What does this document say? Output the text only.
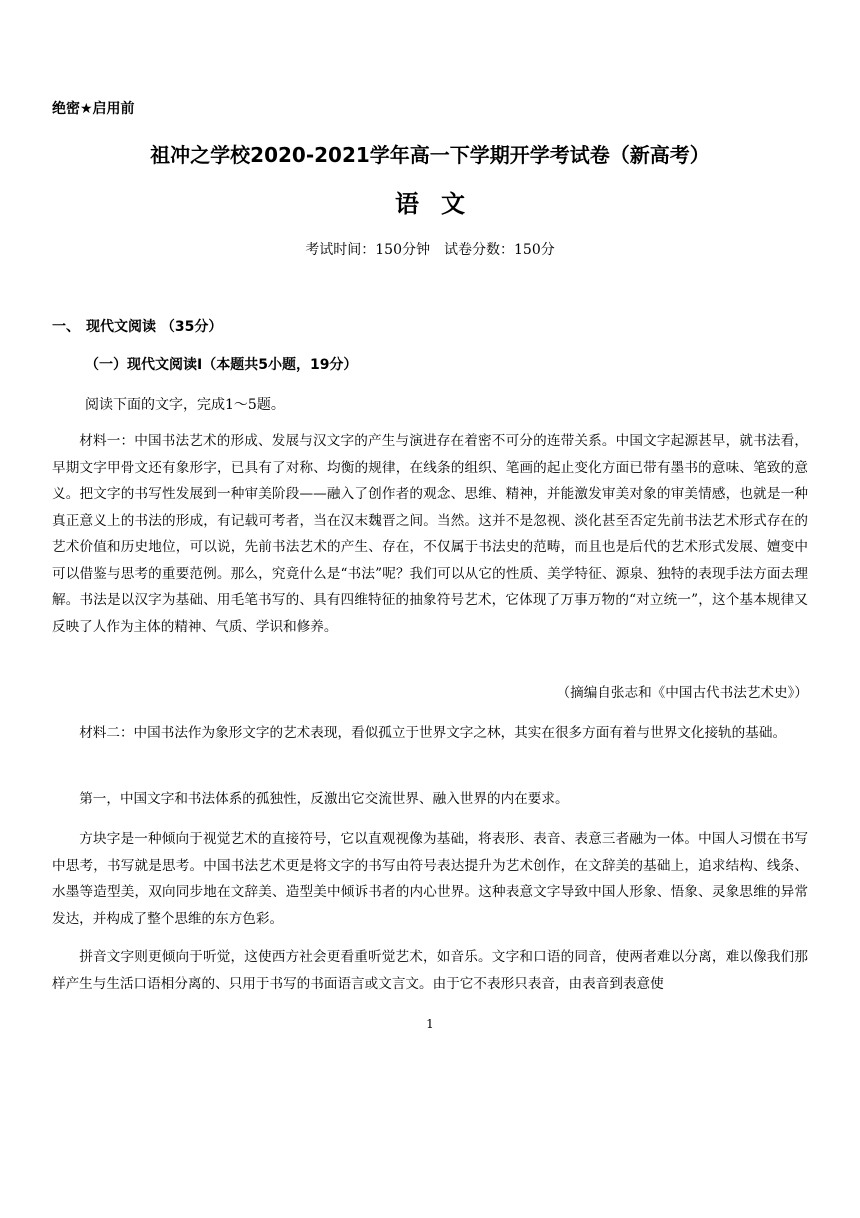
绝密★启用前
祖冲之学校2020-2021学年高一下学期开学考试卷（新高考）
语文
考试时间：150分钟 试卷分数：150分
一、 现代文阅读 （35分）
（一）现代文阅读Ⅰ（本题共5小题，19分）
阅读下面的文字，完成1～5题。
材料一：中国书法艺术的形成、发展与汉文字的产生与演进存在着密不可分的连带关系。中国文字起源甚早，就书法看，早期文字甲骨文还有象形字，已具有了对称、均衡的规律，在线条的组织、笔画的起止变化方面已带有墨书的意味、笔致的意义。把文字的书写性发展到一种审美阶段——融入了创作者的观念、思维、精神，并能激发审美对象的审美情感，也就是一种真正意义上的书法的形成，有记载可考者，当在汉末魏晋之间。当然。这并不是忽视、淡化甚至否定先前书法艺术形式存在的艺术价值和历史地位，可以说，先前书法艺术的产生、存在，不仅属于书法史的范畴，而且也是后代的艺术形式发展、嬗变中可以借鉴与思考的重要范例。那么，究竟什么是“书法”呢？我们可以从它的性质、美学特征、源泉、独特的表现手法方面去理解。书法是以汉字为基础、用毛笔书写的、具有四维特征的抽象符号艺术，它体现了万事万物的“对立统一”，这个基本规律又反映了人作为主体的精神、气质、学识和修养。
（摘编自张志和《中国古代书法艺术史》）
材料二：中国书法作为象形文字的艺术表现，看似孤立于世界文字之林，其实在很多方面有着与世界文化接轨的基础。
第一，中国文字和书法体系的孤独性，反激出它交流世界、融入世界的内在要求。
方块字是一种倾向于视觉艺术的直接符号，它以直观视像为基础，将表形、表音、表意三者融为一体。中国人习惯在书写中思考，书写就是思考。中国书法艺术更是将文字的书写由符号表达提升为艺术创作，在文辞美的基础上，追求结构、线条、水墨等造型美，双向同步地在文辞美、造型美中倾诉书者的内心世界。这种表意文字导致中国人形象、悟象、灵象思维的异常发达，并构成了整个思维的东方色彩。
拼音文字则更倾向于听觉，这使西方社会更看重听觉艺术，如音乐。文字和口语的同音，使两者难以分离，难以像我们那样产生与生活口语相分离的、只用于书写的书面语言或文言文。由于它不表形只表音，由表音到表意使
1
